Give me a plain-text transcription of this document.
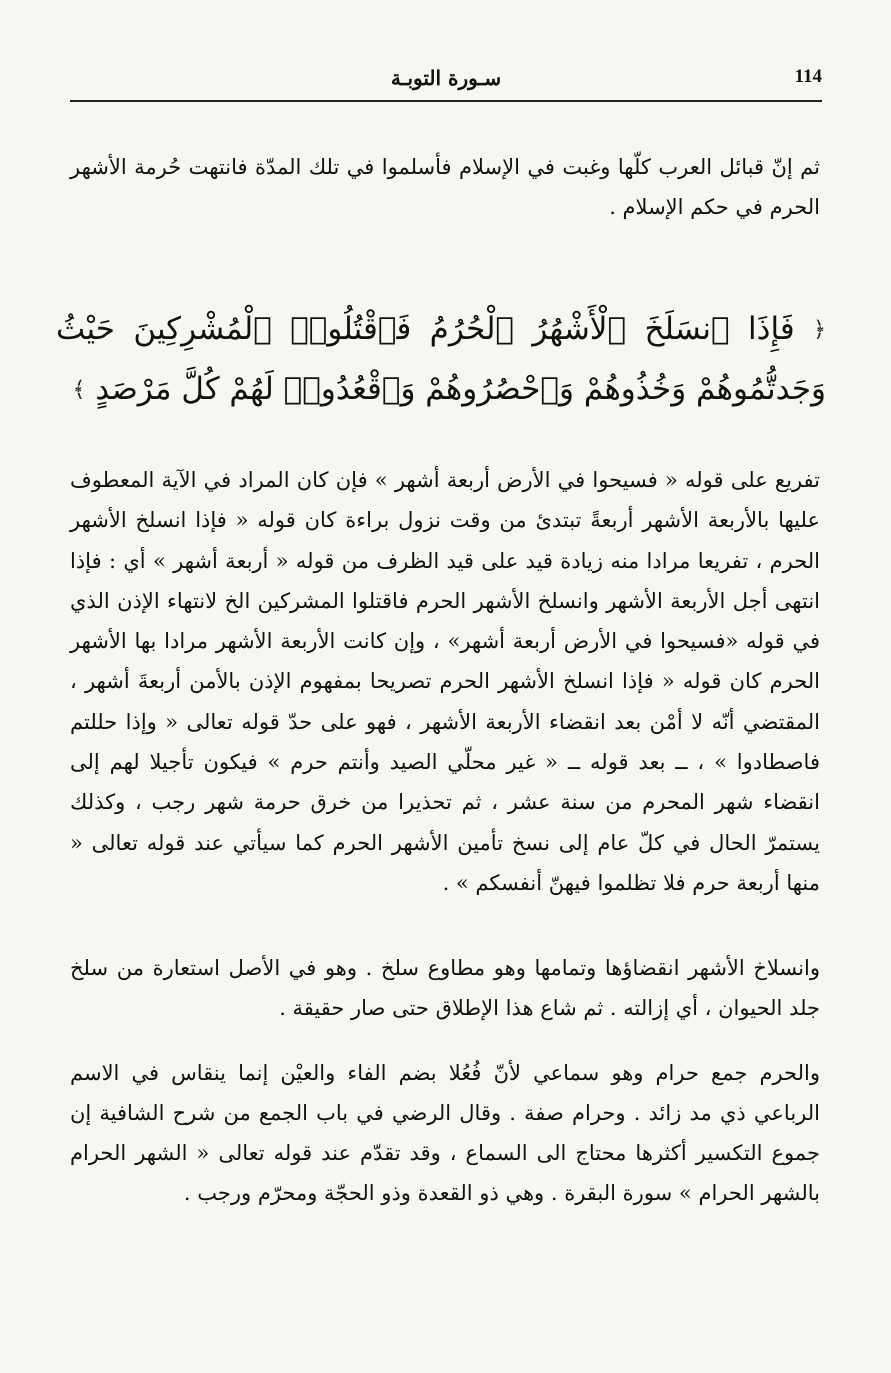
114
سـورة التوبـة

ثم إنّ قبائل العرب كلّها وغبت في الإسلام فأسلموا في تلك المدّة فانتهت حُرمة الأشهر الحرم في حكم الإسلام .

﴿ فَإِذَا ٱنسَلَخَ ٱلْأَشْهُرُ ٱلْحُرُمُ فَٱقْتُلُوا۟ ٱلْمُشْرِكِينَ حَيْثُ وَجَدتُّمُوهُمْ وَخُذُوهُمْ وَٱحْصُرُوهُمْ وَٱقْعُدُوا۟ لَهُمْ كُلَّ مَرْصَدٍ ﴾

تفريع على قوله « فسيحوا في الأرض أربعة أشهر » فإن كان المراد في الآية المعطوف عليها بالأربعة الأشهر أربعةً تبتدئ من وقت نزول براءة كان قوله « فإذا انسلخ الأشهر الحرم ، تفريعا مرادا منه زيادة قيد على قيد الظرف من قوله « أربعة أشهر » أي : فإذا انتهى أجل الأربعة الأشهر وانسلخ الأشهر الحرم فاقتلوا المشركين الخ لانتهاء الإذن الذي في قوله «فسيحوا في الأرض أربعة أشهر» ، وإن كانت الأربعة الأشهر مرادا بها الأشهر الحرم كان قوله « فإذا انسلخ الأشهر الحرم تصريحا بمفهوم الإذن بالأمن أربعةَ أشهر ، المقتضي أنّه لا أمْن بعد انقضاء الأربعة الأشهر ، فهو على حدّ قوله تعالى « وإذا حللتم فاصطادوا » ، ــ بعد قوله ــ « غير محلّي الصيد وأنتم حرم » فيكون تأجيلا لهم إلى انقضاء شهر المحرم من سنة عشر ، ثم تحذيرا من خرق حرمة شهر رجب ، وكذلك يستمرّ الحال في كلّ عام إلى نسخ تأمين الأشهر الحرم كما سيأتي عند قوله تعالى « منها أربعة حرم فلا تظلموا فيهنّ أنفسكم » .

وانسلاخ الأشهر انقضاؤها وتمامها وهو مطاوع سلخ . وهو في الأصل استعارة من سلخ جلد الحيوان ، أي إزالته . ثم شاع هذا الإطلاق حتى صار حقيقة .

والحرم جمع حرام وهو سماعي لأنّ فُعُلا بضم الفاء والعيْن إنما ينقاس في الاسم الرباعي ذي مد زائد . وحرام صفة . وقال الرضي في باب الجمع من شرح الشافية إن جموع التكسير أكثرها محتاج الى السماع ، وقد تقدّم عند قوله تعالى « الشهر الحرام بالشهر الحرام » سورة البقرة . وهي ذو القعدة وذو الحجّة ومحرّم ورجب .
